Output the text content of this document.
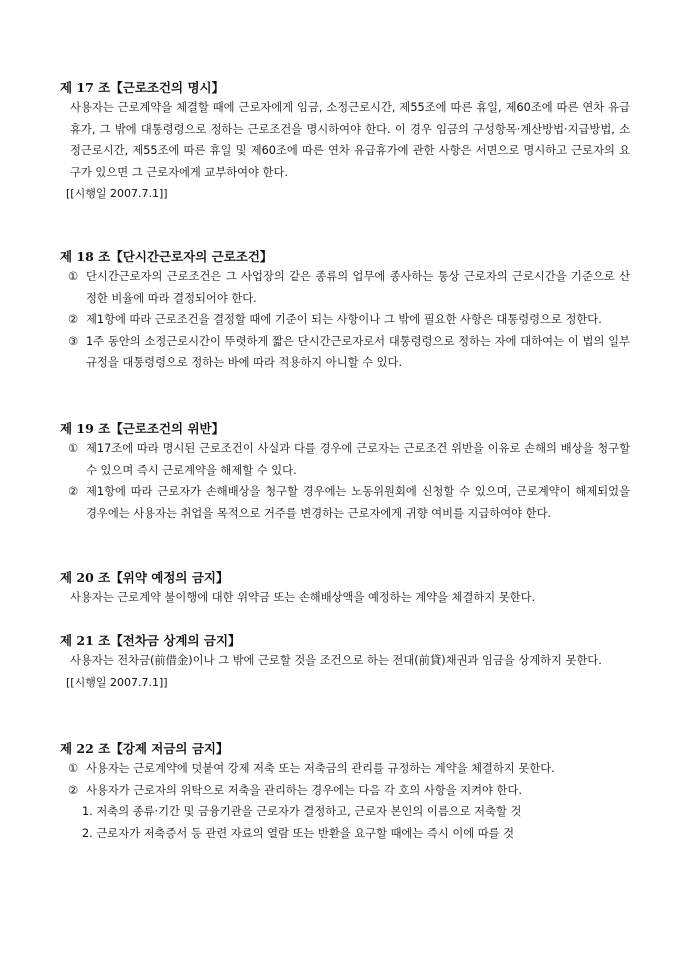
제 17 조【근로조건의 명시】
사용자는 근로계약을 체결할 때에 근로자에게 임금, 소정근로시간, 제55조에 따른 휴일, 제60조에 따른 연차 유급휴가, 그 밖에 대통령령으로 정하는 근로조건을 명시하여야 한다. 이 경우 임금의 구성항목·계산방법·지급방법, 소정근로시간, 제55조에 따른 휴일 및 제60조에 따른 연차 유급휴가에 관한 사항은 서면으로 명시하고 근로자의 요구가 있으면 그 근로자에게 교부하여야 한다.
[[시행일 2007.7.1]]
제 18 조【단시간근로자의 근로조건】
① 단시간근로자의 근로조건은 그 사업장의 같은 종류의 업무에 종사하는 통상 근로자의 근로시간을 기준으로 산정한 비율에 따라 결정되어야 한다.
② 제1항에 따라 근로조건을 결정할 때에 기준이 되는 사항이나 그 밖에 필요한 사항은 대통령령으로 정한다.
③ 1주 동안의 소정근로시간이 뚜렷하게 짧은 단시간근로자로서 대통령령으로 정하는 자에 대하여는 이 법의 일부 규정을 대통령령으로 정하는 바에 따라 적용하지 아니할 수 있다.
제 19 조【근로조건의 위반】
① 제17조에 따라 명시된 근로조건이 사실과 다를 경우에 근로자는 근로조건 위반을 이유로 손해의 배상을 청구할 수 있으며 즉시 근로계약을 해제할 수 있다.
② 제1항에 따라 근로자가 손해배상을 청구할 경우에는 노동위원회에 신청할 수 있으며, 근로계약이 해제되었을 경우에는 사용자는 취업을 목적으로 거주를 변경하는 근로자에게 귀향 여비를 지급하여야 한다.
제 20 조【위약 예정의 금지】
사용자는 근로계약 불이행에 대한 위약금 또는 손해배상액을 예정하는 계약을 체결하지 못한다.
제 21 조【전차금 상계의 금지】
사용자는 전차금(前借金)이나 그 밖에 근로할 것을 조건으로 하는 전대(前貸)채권과 임금을 상계하지 못한다.
[[시행일 2007.7.1]]
제 22 조【강제 저금의 금지】
① 사용자는 근로계약에 덧붙여 강제 저축 또는 저축금의 관리를 규정하는 계약을 체결하지 못한다.
② 사용자가 근로자의 위탁으로 저축을 관리하는 경우에는 다음 각 호의 사항을 지켜야 한다.
1. 저축의 종류·기간 및 금융기관을 근로자가 결정하고, 근로자 본인의 이름으로 저축할 것
2. 근로자가 저축증서 등 관련 자료의 열람 또는 반환을 요구할 때에는 즉시 이에 따를 것
